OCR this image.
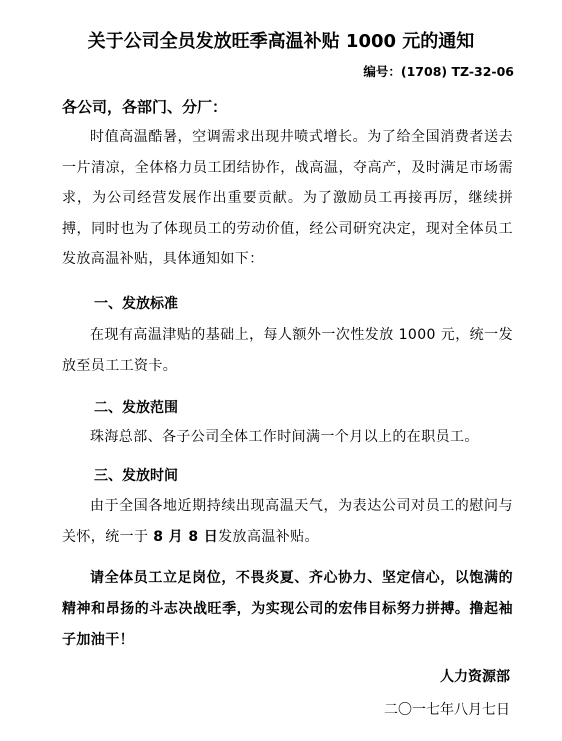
关于公司全员发放旺季高温补贴 1000 元的通知
编号：(1708) TZ-32-06
各公司，各部门、分厂：
时值高温酷暑，空调需求出现井喷式增长。为了给全国消费者送去一片清凉，全体格力员工团结协作，战高温，夺高产，及时满足市场需求，为公司经营发展作出重要贡献。为了激励员工再接再厉，继续拼搏，同时也为了体现员工的劳动价值，经公司研究决定，现对全体员工发放高温补贴，具体通知如下：
一、发放标准
在现有高温津贴的基础上，每人额外一次性发放 1000 元，统一发放至员工工资卡。
二、发放范围
珠海总部、各子公司全体工作时间满一个月以上的在职员工。
三、发放时间
由于全国各地近期持续出现高温天气，为表达公司对员工的慰问与关怀，统一于 8 月 8 日发放高温补贴。
请全体员工立足岗位，不畏炎夏、齐心协力、坚定信心，以饱满的精神和昂扬的斗志决战旺季，为实现公司的宏伟目标努力拼搏。撸起袖子加油干！
人力资源部
二〇一七年八月七日
